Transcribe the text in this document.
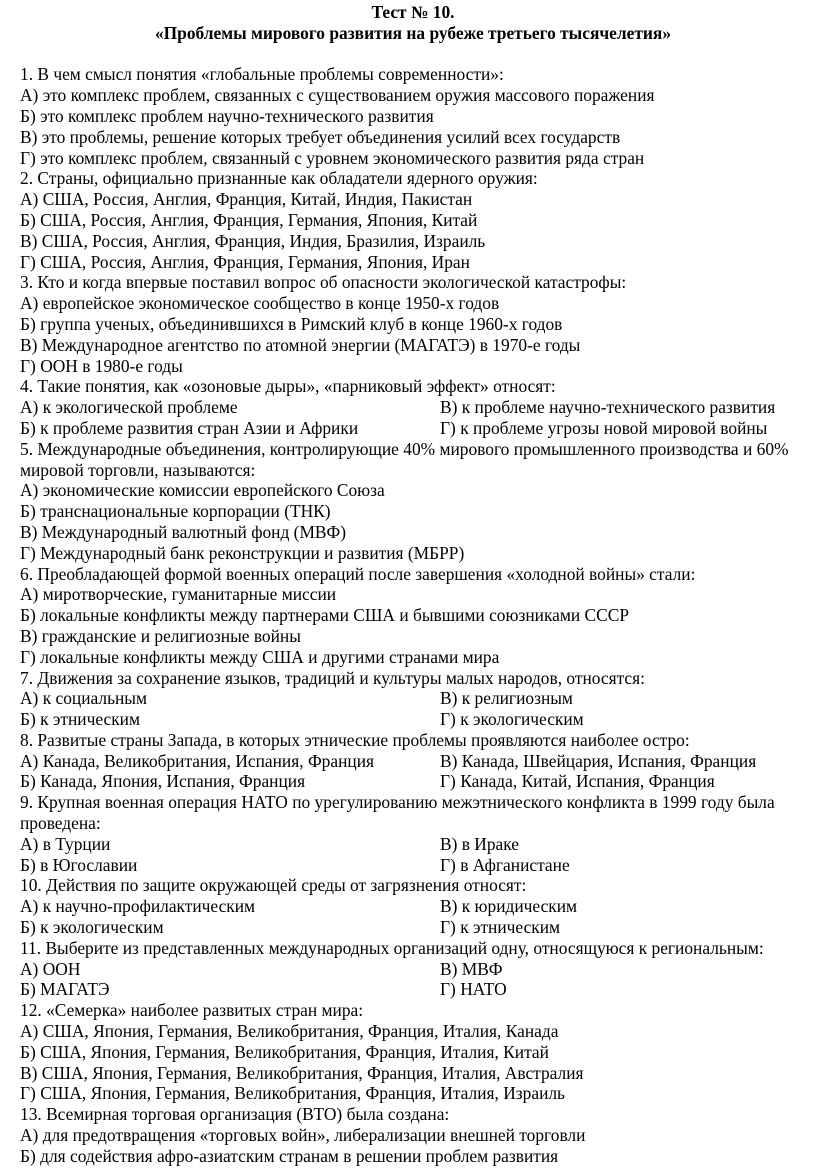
Тест № 10.
«Проблемы мирового развития на рубеже третьего тысячелетия»
1. В чем смысл понятия «глобальные проблемы современности»:
А) это комплекс проблем, связанных с существованием оружия массового поражения
Б) это комплекс проблем научно-технического развития
В) это проблемы, решение которых требует объединения усилий всех государств
Г) это комплекс проблем, связанный с уровнем экономического развития ряда стран
2. Страны, официально признанные как обладатели ядерного оружия:
А) США, Россия, Англия, Франция, Китай, Индия, Пакистан
Б) США, Россия, Англия, Франция, Германия, Япония, Китай
В) США, Россия, Англия, Франция, Индия, Бразилия, Израиль
Г) США, Россия, Англия, Франция, Германия, Япония, Иран
3. Кто и когда впервые поставил вопрос об опасности экологической катастрофы:
А) европейское экономическое сообщество в конце 1950-х годов
Б) группа ученых, объединившихся в Римский клуб в конце 1960-х годов
В) Международное агентство по атомной энергии (МАГАТЭ) в 1970-е годы
Г) ООН в 1980-е годы
4. Такие понятия, как «озоновые дыры», «парниковый эффект» относят:
А) к экологической проблеме	В) к проблеме научно-технического развития
Б) к проблеме развития стран Азии и Африки	Г) к проблеме угрозы новой мировой войны
5. Международные объединения, контролирующие 40% мирового промышленного производства и 60% мировой торговли, называются:
А) экономические комиссии европейского Союза
Б) транснациональные корпорации (ТНК)
В) Международный валютный фонд (МВФ)
Г) Международный банк реконструкции и развития (МБРР)
6. Преобладающей формой военных операций после завершения «холодной войны» стали:
А) миротворческие, гуманитарные миссии
Б) локальные конфликты между партнерами США и бывшими союзниками СССР
В) гражданские и религиозные войны
Г) локальные конфликты между США и другими странами мира
7. Движения за сохранение языков, традиций и культуры малых народов, относятся:
А) к социальным	В) к религиозным
Б) к этническим	Г) к экологическим
8. Развитые страны Запада, в которых этнические проблемы проявляются наиболее остро:
А) Канада, Великобритания, Испания, Франция	В) Канада, Швейцария, Испания, Франция
Б) Канада, Япония, Испания, Франция	Г) Канада, Китай, Испания, Франция
9. Крупная военная операция НАТО по урегулированию межэтнического конфликта в 1999 году была проведена:
А) в Турции	В) в Ираке
Б) в Югославии	Г) в Афганистане
10. Действия по защите окружающей среды от загрязнения относят:
А) к научно-профилактическим	В) к юридическим
Б) к экологическим	Г) к этническим
11. Выберите из представленных международных организаций одну, относящуюся к региональным:
А) ООН	В) МВФ
Б) МАГАТЭ	Г) НАТО
12. «Семерка» наиболее развитых стран мира:
А) США, Япония, Германия, Великобритания, Франция, Италия, Канада
Б) США, Япония, Германия, Великобритания, Франция, Италия, Китай
В) США, Япония, Германия, Великобритания, Франция, Италия, Австралия
Г) США, Япония, Германия, Великобритания, Франция, Италия, Израиль
13. Всемирная торговая организация (ВТО) была создана:
А) для предотвращения «торговых войн», либерализации внешней торговли
Б) для содействия афро-азиатским странам в решении проблем развития
